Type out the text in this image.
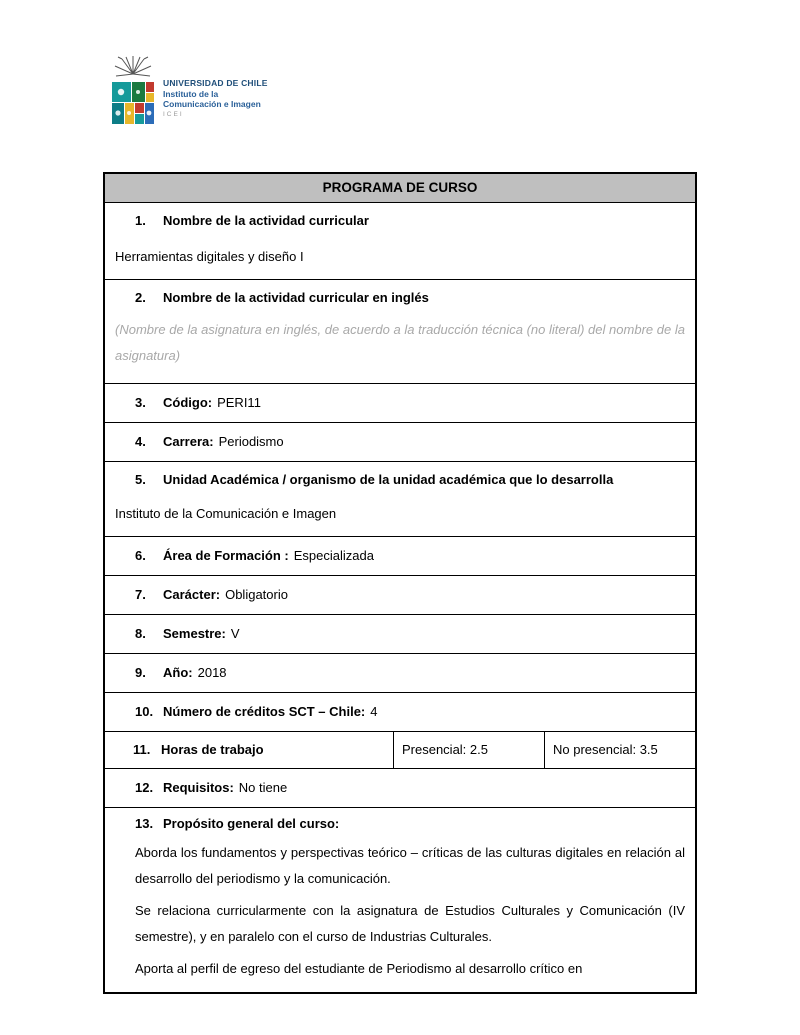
UNIVERSIDAD DE CHILE
Instituto de la
Comunicación e Imagen
ICEI
PROGRAMA DE CURSO
1. Nombre de la actividad curricular
Herramientas digitales y diseño I
2. Nombre de la actividad curricular en inglés
(Nombre de la asignatura en inglés, de acuerdo a la traducción técnica (no literal) del nombre de la asignatura)
3. Código: PERI11
4. Carrera: Periodismo
5. Unidad Académica / organismo de la unidad académica que lo desarrolla
Instituto de la Comunicación e Imagen
6. Área de Formación : Especializada
7. Carácter: Obligatorio
8. Semestre: V
9. Año: 2018
10. Número de créditos SCT – Chile: 4
11. Horas de trabajo	Presencial: 2.5	No presencial: 3.5
12. Requisitos: No tiene
13. Propósito general del curso:
Aborda los fundamentos y perspectivas teórico – críticas de las culturas digitales en relación al desarrollo del periodismo y la comunicación.
Se relaciona curricularmente con la asignatura de Estudios Culturales y Comunicación (IV semestre), y en paralelo con el curso de Industrias Culturales.
Aporta al perfil de egreso del estudiante de Periodismo al desarrollo crítico en
